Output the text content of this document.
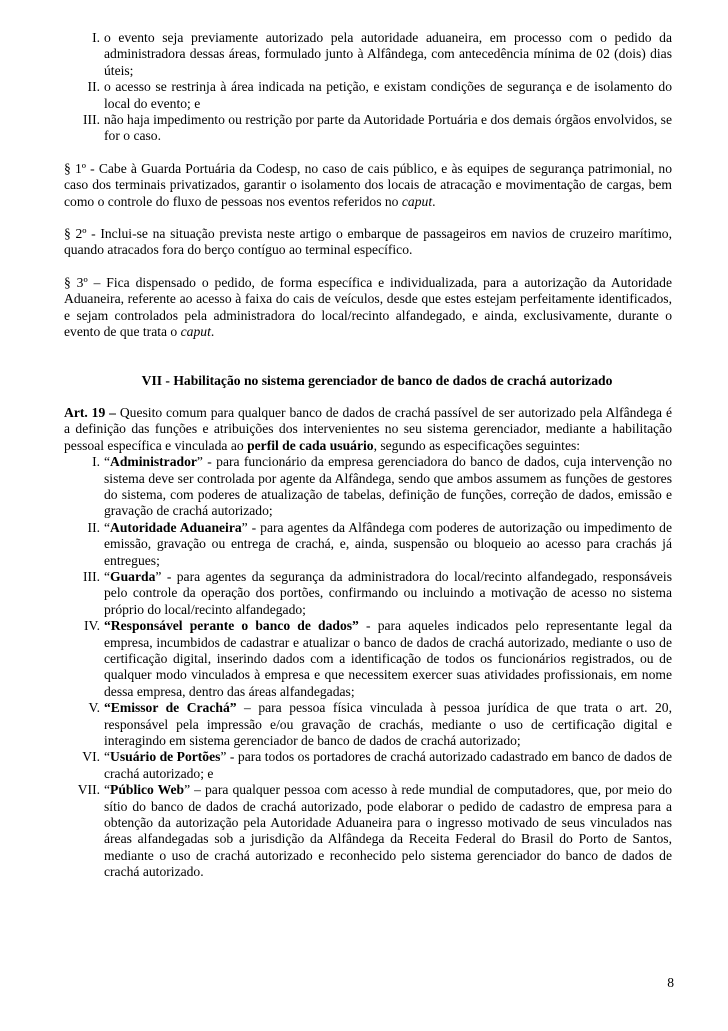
I. o evento seja previamente autorizado pela autoridade aduaneira, em processo com o pedido da administradora dessas áreas, formulado junto à Alfândega, com antecedência mínima de 02 (dois) dias úteis;
II. o acesso se restrinja à área indicada na petição, e existam condições de segurança e de isolamento do local do evento; e
III. não haja impedimento ou restrição por parte da Autoridade Portuária e dos demais órgãos envolvidos, se for o caso.

§ 1º - Cabe à Guarda Portuária da Codesp, no caso de cais público, e às equipes de segurança patrimonial, no caso dos terminais privatizados, garantir o isolamento dos locais de atracação e movimentação de cargas, bem como o controle do fluxo de pessoas nos eventos referidos no caput.

§ 2º - Inclui-se na situação prevista neste artigo o embarque de passageiros em navios de cruzeiro marítimo, quando atracados fora do berço contíguo ao terminal específico.

§ 3º – Fica dispensado o pedido, de forma específica e individualizada, para a autorização da Autoridade Aduaneira, referente ao acesso à faixa do cais de veículos, desde que estes estejam perfeitamente identificados, e sejam controlados pela administradora do local/recinto alfandegado, e ainda, exclusivamente, durante o evento de que trata o caput.

VII - Habilitação no sistema gerenciador de banco de dados de crachá autorizado

Art. 19 – Quesito comum para qualquer banco de dados de crachá passível de ser autorizado pela Alfândega é a definição das funções e atribuições dos intervenientes no seu sistema gerenciador, mediante a habilitação pessoal específica e vinculada ao perfil de cada usuário, segundo as especificações seguintes:

I. “Administrador” - para funcionário da empresa gerenciadora do banco de dados, cuja intervenção no sistema deve ser controlada por agente da Alfândega, sendo que ambos assumem as funções de gestores do sistema, com poderes de atualização de tabelas, definição de funções, correção de dados, emissão e gravação de crachá autorizado;
II. “Autoridade Aduaneira” - para agentes da Alfândega com poderes de autorização ou impedimento de emissão, gravação ou entrega de crachá, e, ainda, suspensão ou bloqueio ao acesso para crachás já entregues;
III. “Guarda” - para agentes da segurança da administradora do local/recinto alfandegado, responsáveis pelo controle da operação dos portões, confirmando ou incluindo a motivação de acesso no sistema próprio do local/recinto alfandegado;
IV. “Responsável perante o banco de dados” - para aqueles indicados pelo representante legal da empresa, incumbidos de cadastrar e atualizar o banco de dados de crachá autorizado, mediante o uso de certificação digital, inserindo dados com a identificação de todos os funcionários registrados, ou de qualquer modo vinculados à empresa e que necessitem exercer suas atividades profissionais, em nome dessa empresa, dentro das áreas alfandegadas;
V. “Emissor de Crachá” – para pessoa física vinculada à pessoa jurídica de que trata o art. 20, responsável pela impressão e/ou gravação de crachás, mediante o uso de certificação digital e interagindo em sistema gerenciador de banco de dados de crachá autorizado;
VI. “Usuário de Portões” - para todos os portadores de crachá autorizado cadastrado em banco de dados de crachá autorizado; e
VII. “Público Web” – para qualquer pessoa com acesso à rede mundial de computadores, que, por meio do sítio do banco de dados de crachá autorizado, pode elaborar o pedido de cadastro de empresa para a obtenção da autorização pela Autoridade Aduaneira para o ingresso motivado de seus vinculados nas áreas alfandegadas sob a jurisdição da Alfândega da Receita Federal do Brasil do Porto de Santos, mediante o uso de crachá autorizado e reconhecido pelo sistema gerenciador do banco de dados de crachá autorizado.
8
